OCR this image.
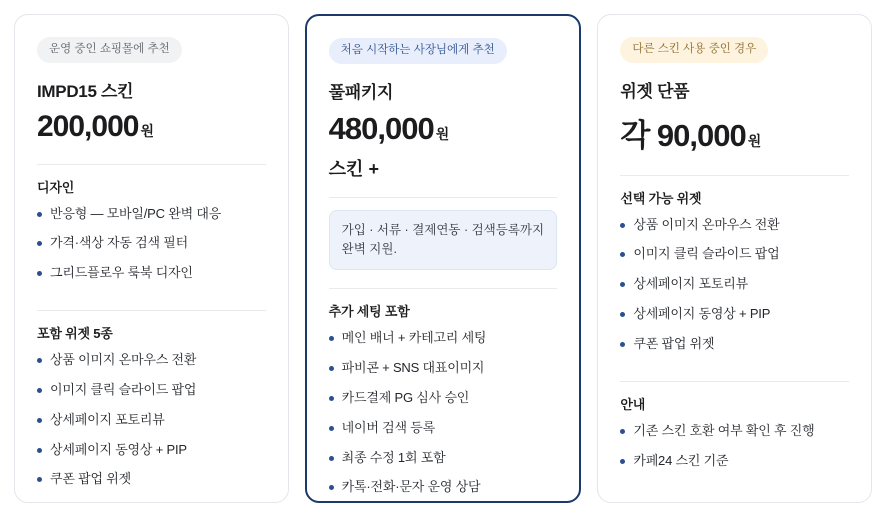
운영 중인 쇼핑몰에 추천
IMPD15 스킨
200,000 원
디자인
반응형 — 모바일/PC 완벽 대응
가격·색상 자동 검색 필터
그리드플로우 룩북 디자인
포함 위젯 5종
상품 이미지 온마우스 전환
이미지 클릭 슬라이드 팝업
상세페이지 포토리뷰
상세페이지 동영상 + PIP
쿠폰 팝업 위젯
처음 시작하는 사장님에게 추천
풀패키지
480,000 원
스킨 +
가입 · 서류 · 결제연동 · 검색등록까지 완벽 지원.
추가 세팅 포함
메인 배너 + 카테고리 세팅
파비콘 + SNS 대표이미지
카드결제 PG 심사 승인
네이버 검색 등록
최종 수정 1회 포함
카톡·전화·문자 운영 상담
다른 스킨 사용 중인 경우
위젯 단품
각 90,000 원
선택 가능 위젯
상품 이미지 온마우스 전환
이미지 클릭 슬라이드 팝업
상세페이지 포토리뷰
상세페이지 동영상 + PIP
쿠폰 팝업 위젯
안내
기존 스킨 호환 여부 확인 후 진행
카페24 스킨 기준
